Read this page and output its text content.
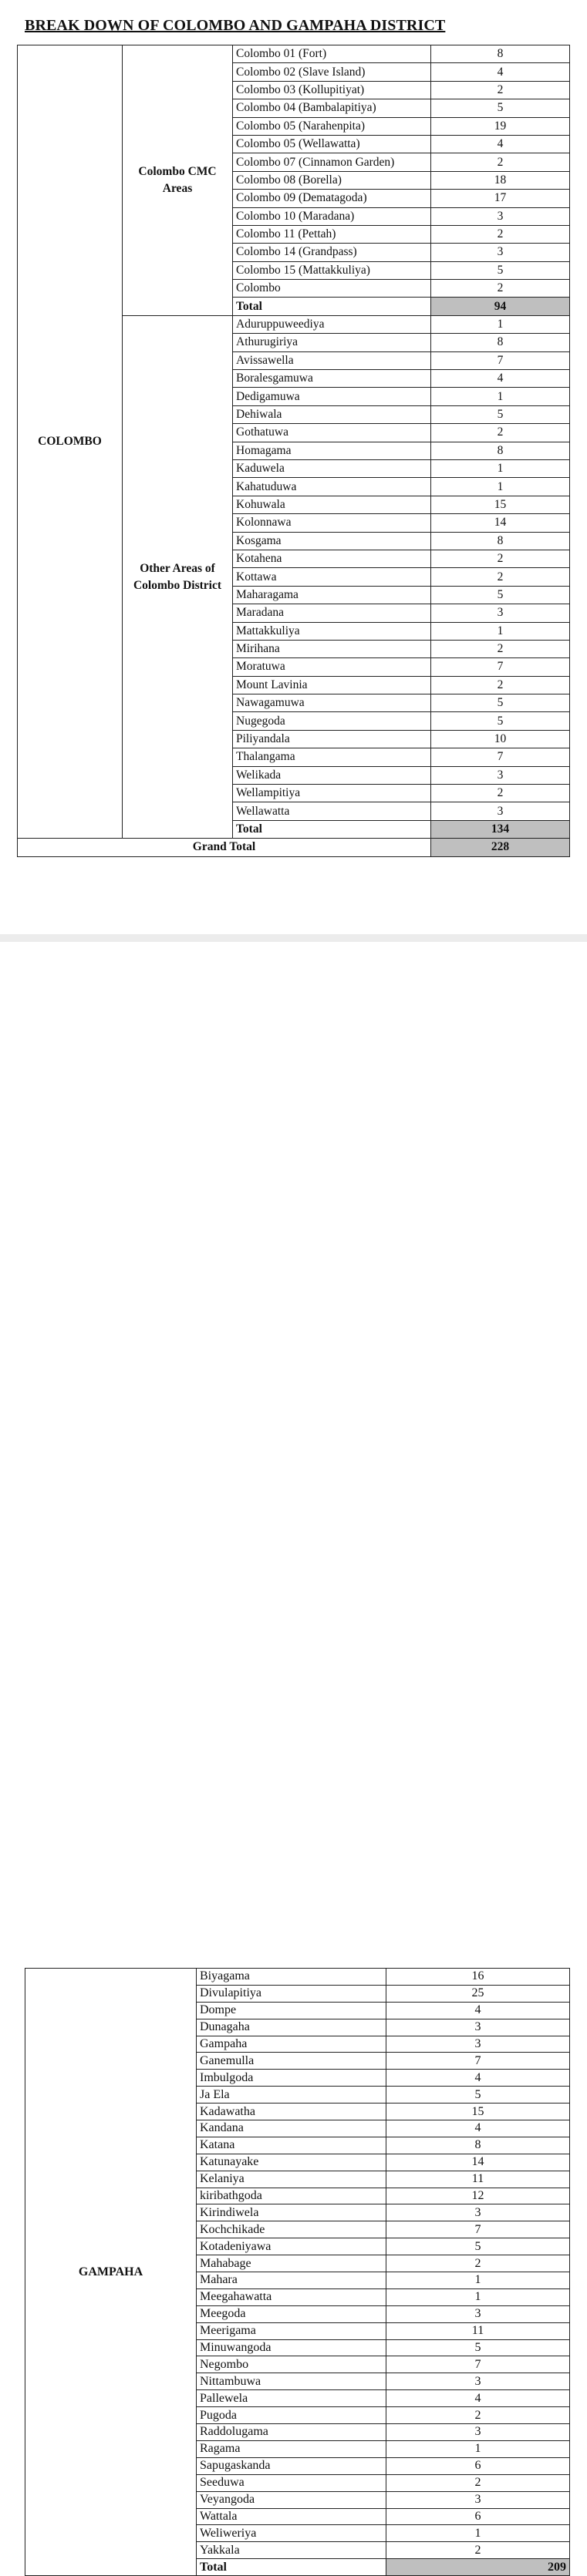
BREAK DOWN OF COLOMBO AND GAMPAHA DISTRICT
COLOMBO	Colombo CMC Areas	Colombo 01 (Fort)	8
		Colombo 02 (Slave Island)	4
		Colombo 03 (Kollupitiyat)	2
		Colombo 04 (Bambalapitiya)	5
		Colombo 05 (Narahenpita)	19
		Colombo 05 (Wellawatta)	4
		Colombo 07 (Cinnamon Garden)	2
		Colombo 08 (Borella)	18
		Colombo 09 (Dematagoda)	17
		Colombo 10 (Maradana)	3
		Colombo 11 (Pettah)	2
		Colombo 14 (Grandpass)	3
		Colombo 15 (Mattakkuliya)	5
		Colombo	2
		Total	94
	Other Areas of Colombo District	Aduruppuweediya	1
		Athurugiriya	8
		Avissawella	7
		Boralesgamuwa	4
		Dedigamuwa	1
		Dehiwala	5
		Gothatuwa	2
		Homagama	8
		Kaduwela	1
		Kahatuduwa	1
		Kohuwala	15
		Kolonnawa	14
		Kosgama	8
		Kotahena	2
		Kottawa	2
		Maharagama	5
		Maradana	3
		Mattakkuliya	1
		Mirihana	2
		Moratuwa	7
		Mount Lavinia	2
		Nawagamuwa	5
		Nugegoda	5
		Piliyandala	10
		Thalangama	7
		Welikada	3
		Wellampitiya	2
		Wellawatta	3
		Total	134
Grand Total			228
GAMPAHA	Biyagama	16
	Divulapitiya	25
	Dompe	4
	Dunagaha	3
	Gampaha	3
	Ganemulla	7
	Imbulgoda	4
	Ja Ela	5
	Kadawatha	15
	Kandana	4
	Katana	8
	Katunayake	14
	Kelaniya	11
	kiribathgoda	12
	Kirindiwela	3
	Kochchikade	7
	Kotadeniyawa	5
	Mahabage	2
	Mahara	1
	Meegahawatta	1
	Meegoda	3
	Meerigama	11
	Minuwangoda	5
	Negombo	7
	Nittambuwa	3
	Pallewela	4
	Pugoda	2
	Raddolugama	3
	Ragama	1
	Sapugaskanda	6
	Seeduwa	2
	Veyangoda	3
	Wattala	6
	Weliweriya	1
	Yakkala	2
	Total	209
